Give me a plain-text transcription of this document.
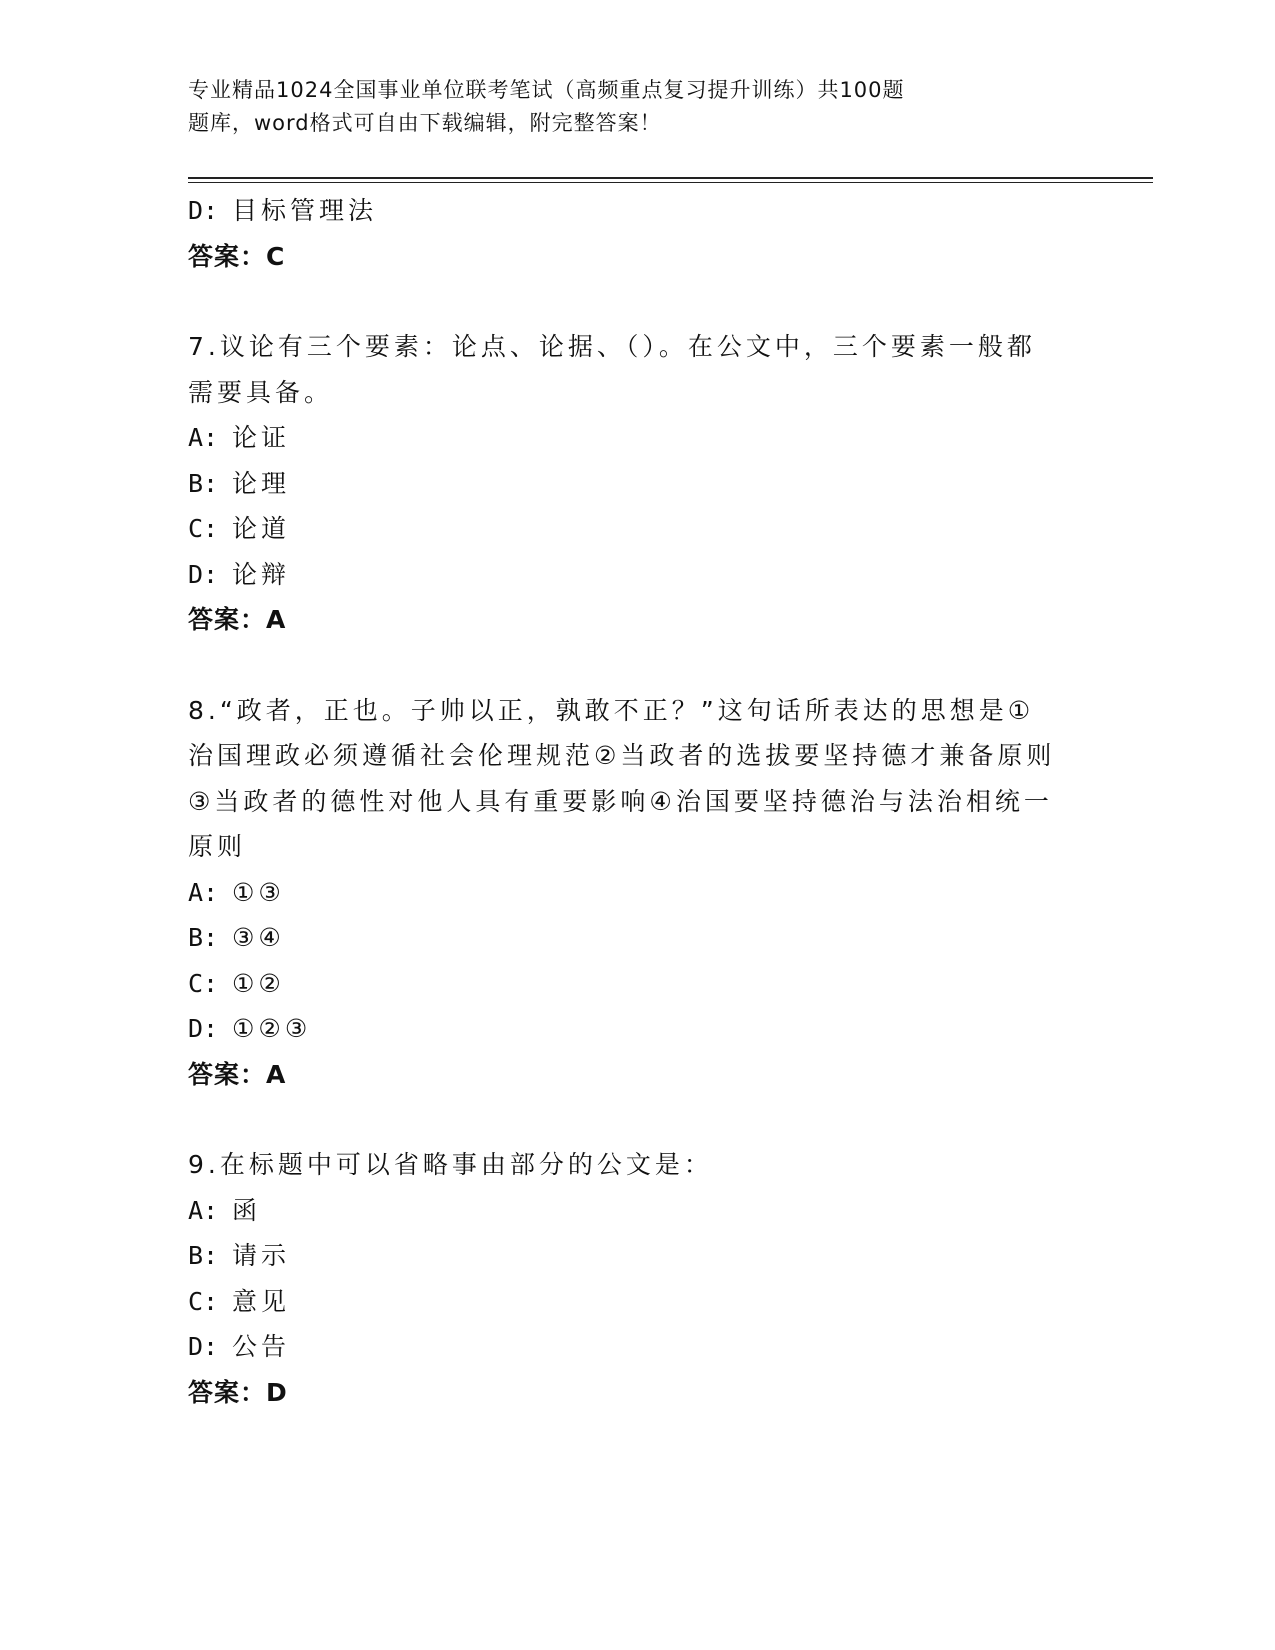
专业精品1024全国事业单位联考笔试（高频重点复习提升训练）共100题
题库，word格式可自由下载编辑，附完整答案！
D: 目标管理法
答案：C
7.议论有三个要素：论点、论据、（）。在公文中，三个要素一般都
需要具备。
A: 论证
B: 论理
C: 论道
D: 论辩
答案：A
8.“政者，正也。子帅以正，孰敢不正？”这句话所表达的思想是①
治国理政必须遵循社会伦理规范②当政者的选拔要坚持德才兼备原则
③当政者的德性对他人具有重要影响④治国要坚持德治与法治相统一
原则
A: ①③
B: ③④
C: ①②
D: ①②③
答案：A
9.在标题中可以省略事由部分的公文是：
A: 函
B: 请示
C: 意见
D: 公告
答案：D
